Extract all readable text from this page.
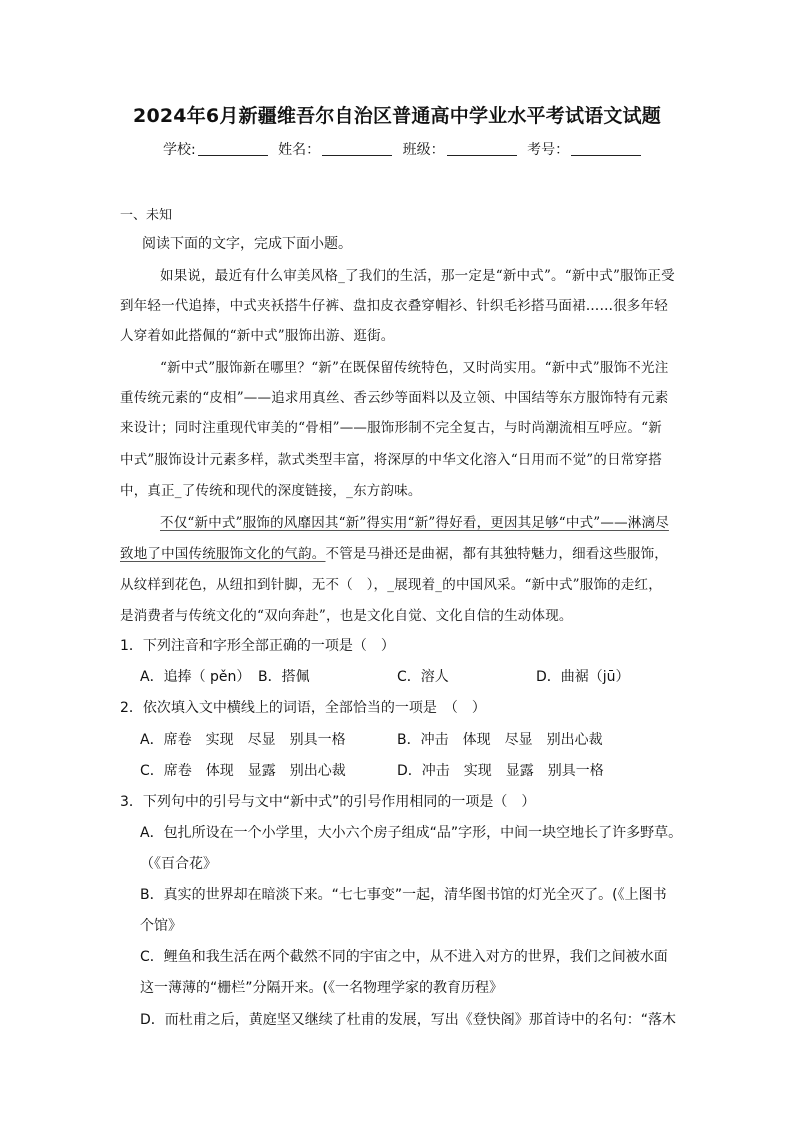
2024年6月新疆维吾尔自治区普通高中学业水平考试语文试题
学校:	姓名：	班级：	考号：
一、未知
阅读下面的文字，完成下面小题。
如果说，最近有什么审美风格_了我们的生活，那一定是“新中式”。“新中式”服饰正受
到年轻一代追捧，中式夹袄搭牛仔裤、盘扣皮衣叠穿帽衫、针织毛衫搭马面裙……很多年轻
人穿着如此搭佩的“新中式”服饰出游、逛街。
“新中式”服饰新在哪里？“新”在既保留传统特色，又时尚实用。“新中式”服饰不光注
重传统元素的“皮相”——追求用真丝、香云纱等面料以及立领、中国结等东方服饰特有元素
来设计；同时注重现代审美的“骨相”——服饰形制不完全复古，与时尚潮流相互呼应。“新
中式”服饰设计元素多样，款式类型丰富，将深厚的中华文化溶入“日用而不觉”的日常穿搭
中，真正_了传统和现代的深度链接，_东方韵味。
不仅“新中式”服饰的风靡因其“新”得实用“新”得好看，更因其足够“中式”——淋漓尽
致地了中国传统服饰文化的气韵。不管是马褂还是曲裾，都有其独特魅力，细看这些服饰，
从纹样到花色，从纽扣到针脚，无不（　），_展现着_的中国风采。“新中式”服饰的走红，
是消费者与传统文化的“双向奔赴”，也是文化自觉、文化自信的生动体现。
1．下列注音和字形全部正确的一项是（　）
A．追捧（ pěn） B．搭佩	C．溶人	D．曲裾（jū）
2．依次填入文中横线上的词语，全部恰当的一项是　（　）
A．席卷　实现　尽显　别具一格	B．冲击　体现　尽显　别出心裁
C．席卷　体现　显露　别出心裁	D．冲击　实现　显露　别具一格
3．下列句中的引号与文中“新中式”的引号作用相同的一项是（　）
A．包扎所设在一个小学里，大小六个房子组成“品”字形，中间一块空地长了许多野草。
（《百合花》
B．真实的世界却在暗淡下来。“七七事变”一起，清华图书馆的灯光全灭了。(《上图书
个馆》
C．鲤鱼和我生活在两个截然不同的宇宙之中，从不进入对方的世界，我们之间被水面
这一薄薄的“栅栏”分隔开来。(《一名物理学家的教育历程》
D．而杜甫之后，黄庭坚又继续了杜甫的发展，写出《登快阁》那首诗中的名句：“落木
